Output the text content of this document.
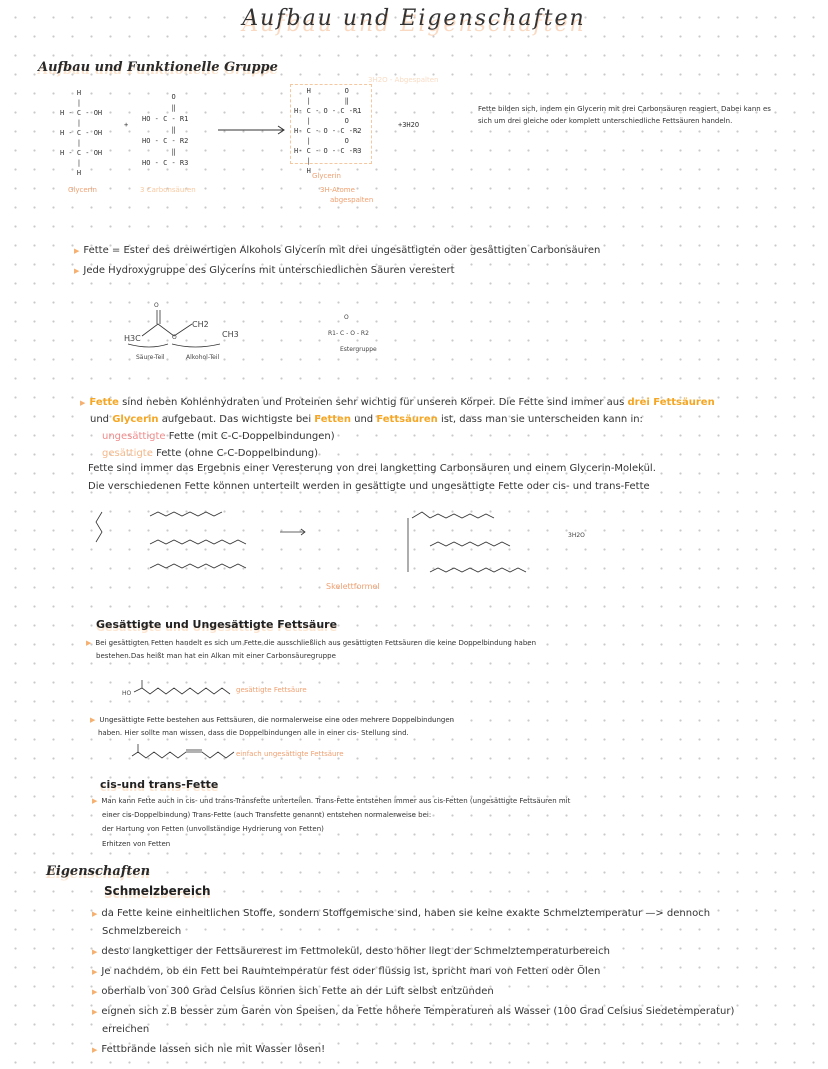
Aufbau und Eigenschaften
Aufbau und Funktionelle Gruppe
H
|
H - C - OH
|
H - C - OH
|
H - C - OH
|
H
+
O
‖
HO - C - R1
‖
HO - C - R2
‖
HO - C - R3
H        O
|        ‖
H- C - O - C -R1
|        O
H- C - O - C -R2
|        O
H- C - O - C -R3
|
H
+3H2O
3H2O - Abgespalten
Glycerin	3 Carbonsäuren
Glycerin
3H-Atome
abgespalten
Fette bilden sich, indem ein Glycerin mit drei Carbonsäuren reagiert. Dabei kann es
sich um drei gleiche oder komplett unterschiedliche Fettsäuren handeln.
▶ Fette = Ester des dreiwertigen Alkohols Glycerin mit drei ungesättigten oder gesättigten Carbonsäuren
▶ Jede Hydroxygruppe des Glycerins mit unterschiedlichen Säuren verestert
O
H3C	O
CH2
CH3
Säure-Teil	Alkohol-Teil
O
R1- C - O - R2
Estergruppe
▶ Fette sind neben Kohlenhydraten und Proteinen sehr wichtig für unseren Körper. Die Fette sind immer aus drei Fettsäuren
und Glycerin aufgebaut. Das wichtigste bei Fetten und Fettsäuren ist, dass man sie unterscheiden kann in:
ungesättigte Fette (mit C-C-Doppelbindungen)
gesättigte Fette (ohne C-C-Doppelbindung)
Fette sind immer das Ergebnis einer Veresterung von drei langketting Carbonsäuren und einem Glycerin-Molekül.
Die verschiedenen Fette können unterteilt werden in gesättigte und ungesättigte Fette oder cis- und trans-Fette
Skelettformel
3H2O
Gesättigte und Ungesättigte Fettsäure
▶ Bei gesättigten Fetten handelt es sich um Fette die ausschließlich aus gesättigten Fettsäuren die keine Doppelbindung haben
bestehen.Das heißt man hat ein Alkan mit einer Carbonsäuregruppe
HO	gesättigte Fettsäure
▶ Ungesättigte Fette bestehen aus Fettsäuren, die normalerweise eine oder mehrere Doppelbindungen
haben. Hier sollte man wissen, dass die Doppelbindungen alle in einer cis- Stellung sind.
einfach ungesättigte Fettsäure
cis-und trans-Fette
▶ Man kann Fette auch in cis- und trans-Transfette unterteilen. Trans-Fette entstehen immer aus cis-Fetten (ungesättigte Fettsäuren mit
einer cis-Doppelbindung) Trans-Fette (auch Transfette genannt) entstehen normalerweise bei:
der Hartung von Fetten (unvollständige Hydrierung von Fetten)
Erhitzen von Fetten
Eigenschaften
Schmelzbereich
▶ da Fette keine einheitlichen Stoffe, sondern Stoffgemische sind, haben sie keine exakte Schmelztemperatur —> dennoch
Schmelzbereich
▶ desto langkettiger der Fettsäurerest im Fettmolekül, desto höher liegt der Schmelztemperaturbereich
▶ Je nachdem, ob ein Fett bei Raumtemperatur fest oder flüssig ist, spricht man von Fetten oder Ölen
▶ oberhalb von 300 Grad Celsius können sich Fette an der Luft selbst entzünden
▶ eignen sich z.B besser zum Garen von Speisen, da Fette höhere Temperaturen als Wasser (100 Grad Celsius Siedetemperatur)
erreichen
▶ Fettbrände lassen sich nie mit Wasser lösen!
